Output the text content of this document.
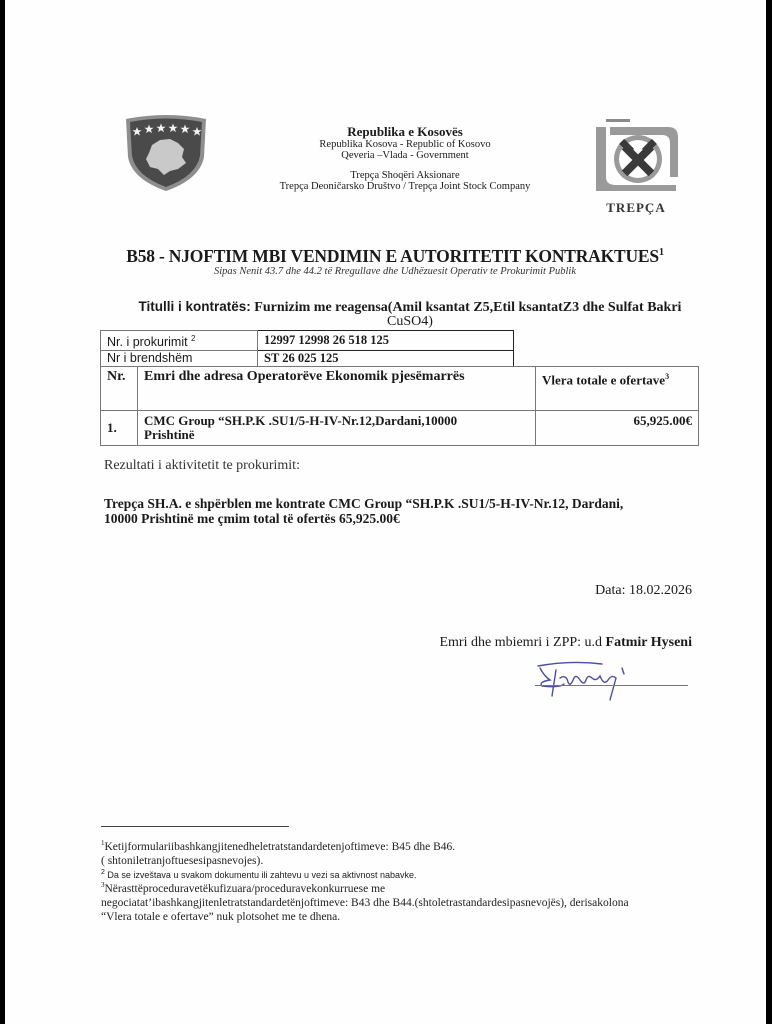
Republika e Kosovës
Republika Kosova - Republic of Kosovo
Qeveria –Vlada - Government
Trepça Shoqëri Aksionare
Trepça Deoničarsko Društvo / Trepça Joint Stock Company
TREPÇA
B58 - NJOFTIM MBI VENDIMIN E AUTORITETIT KONTRAKTUES$^1$
Sipas Nenit 43.7 dhe 44.2 të Rregullave dhe Udhëzuesit Operativ te Prokurimit Publik
Titulli i kontratës: Furnizim me reagensa(Amil ksantat Z5,Etil ksantatZ3 dhe Sulfat Bakri
CuSO4)
Nr. i prokurimit $^2$	12997 12998 26 518 125
Nr i brendshëm	ST 26 025 125
Nr.	Emri dhe adresa Operatorëve Ekonomik pjesëmarrës	Vlera totale e ofertave$^3$
1.	CMC Group “SH.P.K .SU1/5-H-IV-Nr.12,Dardani,10000
Prishtinë	65,925.00€
Rezultati i aktivitetit te prokurimit:
Trepça SH.A. e shpërblen me kontrate CMC Group “SH.P.K .SU1/5-H-IV-Nr.12, Dardani,
10000 Prishtinë me çmim total të ofertës 65,925.00€
Data: 18.02.2026
Emri dhe mbiemri i ZPP: u.d Fatmir Hyseni
$^1$Ketijformulariibashkangjitenedheletratstandardetenjoftimeve: B45 dhe B46.
( shtoniletranjoftuesesipasnevojes).
$^2$ Da se izveštava u svakom dokumentu ili zahtevu u vezi sa aktivnost nabavke.
$^3$Nërasttëproceduravetëkufizuara/proceduravekonkurruese me
negociatat’ibashkangjitenletratstandardetënjoftimeve: B43 dhe B44.(shtoletrastandardesipasnevojës), derisakolona
“Vlera totale e ofertave” nuk plotsohet me te dhena.
